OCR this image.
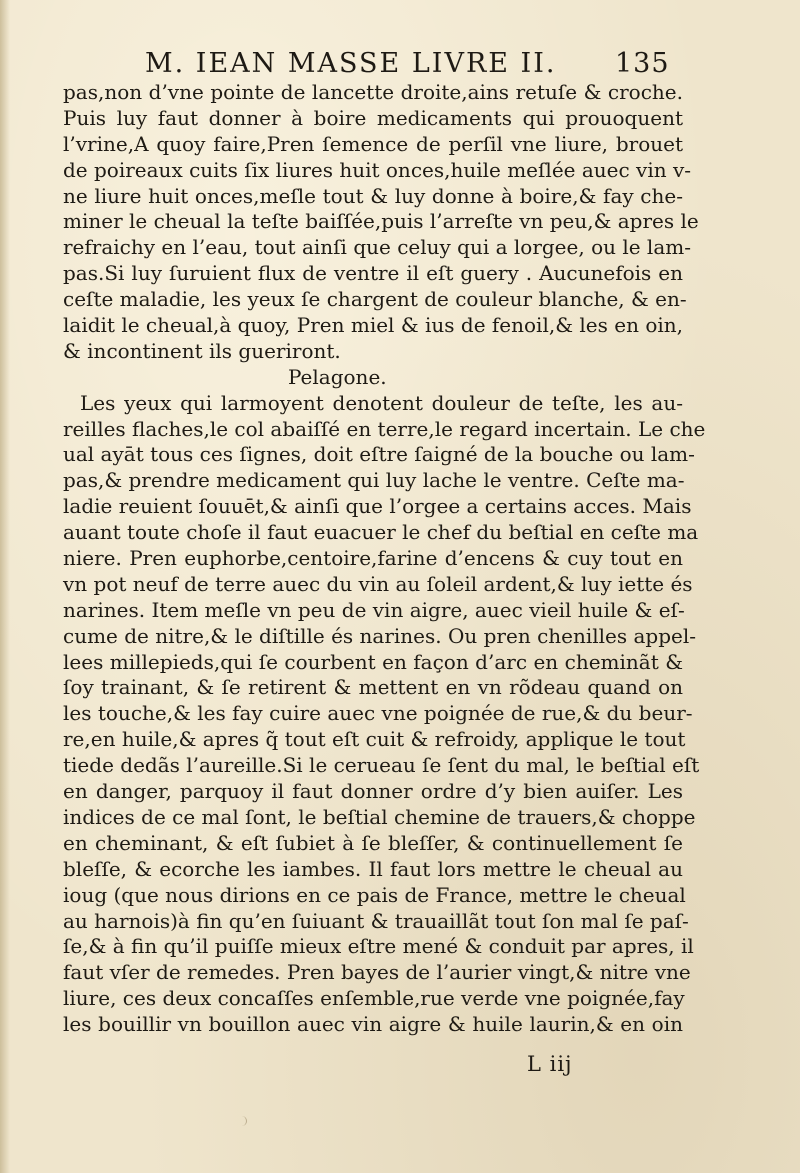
M. IEAN MASSE LIVRE II. 135
pas,non d’vne pointe de lancette droite,ains retuſe & croche.
Puis luy faut donner à boire medicaments qui prouoquent
l’vrine,A quoy faire,Pren ſemence de perſil vne liure, brouet
de poireaux cuits ſix liures huit onces,huile meſlée auec vin v-
ne liure huit onces,meſle tout & luy donne à boire,& fay che-
miner le cheual la teſte baiſſée,puis l’arreſte vn peu,& apres le
refraichy en l’eau, tout ainſi que celuy qui a lorgee, ou le lam-
pas.Si luy ſuruient flux de ventre il eſt guery . Aucunefois en
ceſte maladie, les yeux ſe chargent de couleur blanche, & en-
laidit le cheual,à quoy, Pren miel & ius de fenoil,& les en oin,
& incontinent ils gueriront.
Pelagone.
Les yeux qui larmoyent denotent douleur de teſte, les au-
reilles flaches,le col abaiſſé en terre,le regard incertain. Le che
ual ayāt tous ces ſignes, doit eſtre ſaigné de la bouche ou lam-
pas,& prendre medicament qui luy lache le ventre. Ceſte ma-
ladie reuient ſouuēt,& ainſi que l’orgee a certains acces. Mais
auant toute choſe il faut euacuer le chef du beſtial en ceſte ma
niere. Pren euphorbe,centoire,farine d’encens & cuy tout en
vn pot neuf de terre auec du vin au ſoleil ardent,& luy iette és
narines. Item meſle vn peu de vin aigre, auec vieil huile & eſ-
cume de nitre,& le diſtille és narines. Ou pren chenilles appel-
lees millepieds,qui ſe courbent en façon d’arc en cheminãt &
ſoy trainant, & ſe retirent & mettent en vn rõdeau quand on
les touche,& les fay cuire auec vne poignée de rue,& du beur-
re,en huile,& apres q̃ tout eſt cuit & refroidy, applique le tout
tiede dedãs l’aureille.Si le cerueau ſe ſent du mal, le beſtial eſt
en danger, parquoy il faut donner ordre d’y bien auiſer. Les
indices de ce mal ſont, le beſtial chemine de trauers,& choppe
en cheminant, & eſt ſubiet à ſe bleſſer, & continuellement ſe
bleſſe, & ecorche les iambes. Il faut lors mettre le cheual au
ioug (que nous dirions en ce pais de France, mettre le cheual
au harnois)à fin qu’en ſuiuant & trauaillãt tout ſon mal ſe paſ-
ſe,& à fin qu’il puiſſe mieux eſtre mené & conduit par apres, il
faut vſer de remedes. Pren bayes de l’aurier vingt,& nitre vne
liure, ces deux concaſſes enſemble,rue verde vne poignée,fay
les bouillir vn bouillon auec vin aigre & huile laurin,& en oin
L iij
